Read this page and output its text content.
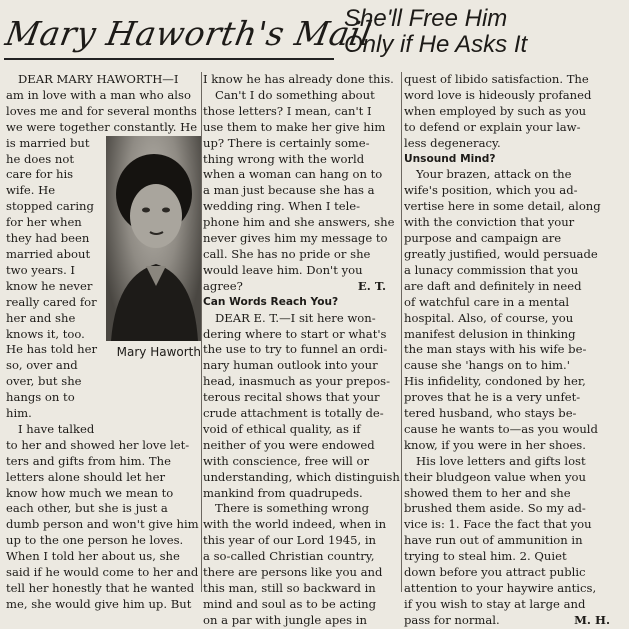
Mary Haworth's Mail
She'll Free Him
Only if He Asks It
DEAR MARY HAWORTH—I
am in love with a man who also
loves me and for several months
we were together constantly. He
Mary Haworth
is married but
he does not
care for his
wife. He
stopped caring
for her when
they had been
married about
two years. I
know he never
really cared for
her and she
knows it, too.
He has told her
so, over and
over, but she
hangs on to
him.
I have talked
to her and showed her love let-
ters and gifts from him. The
letters alone should let her
know how much we mean to
each other, but she is just a
dumb person and won't give him
up to the one person he loves.
When I told her about us, she
said if he would come to her and
tell her honestly that he wanted
me, she would give him up. But
I know he has already done this.
Can't I do something about
those letters? I mean, can't I
use them to make her give him
up? There is certainly some-
thing wrong with the world
when a woman can hang on to
a man just because she has a
wedding ring. When I tele-
phone him and she answers, she
never gives him my message to
call. She has no pride or she
would leave him. Don't you
agree?	E. T.
Can Words Reach You?
DEAR E. T.—I sit here won-
dering where to start or what's
the use to try to funnel an ordi-
nary human outlook into your
head, inasmuch as your prepos-
terous recital shows that your
crude attachment is totally de-
void of ethical quality, as if
neither of you were endowed
with conscience, free will or
understanding, which distinguish
mankind from quadrupeds.
There is something wrong
with the world indeed, when in
this year of our Lord 1945, in
a so-called Christian country,
there are persons like you and
this man, still so backward in
mind and soul as to be acting
on a par with jungle apes in
quest of libido satisfaction. The
word love is hideously profaned
when employed by such as you
to defend or explain your law-
less degeneracy.
Unsound Mind?
Your brazen, attack on the
wife's position, which you ad-
vertise here in some detail, along
with the conviction that your
purpose and campaign are
greatly justified, would persuade
a lunacy commission that you
are daft and definitely in need
of watchful care in a mental
hospital. Also, of course, you
manifest delusion in thinking
the man stays with his wife be-
cause she 'hangs on to him.'
His infidelity, condoned by her,
proves that he is a very unfet-
tered husband, who stays be-
cause he wants to—as you would
know, if you were in her shoes.
His love letters and gifts lost
their bludgeon value when you
showed them to her and she
brushed them aside. So my ad-
vice is: 1. Face the fact that you
have run out of ammunition in
trying to steal him. 2. Quiet
down before you attract public
attention to your haywire antics,
if you wish to stay at large and
pass for normal.	M. H.
